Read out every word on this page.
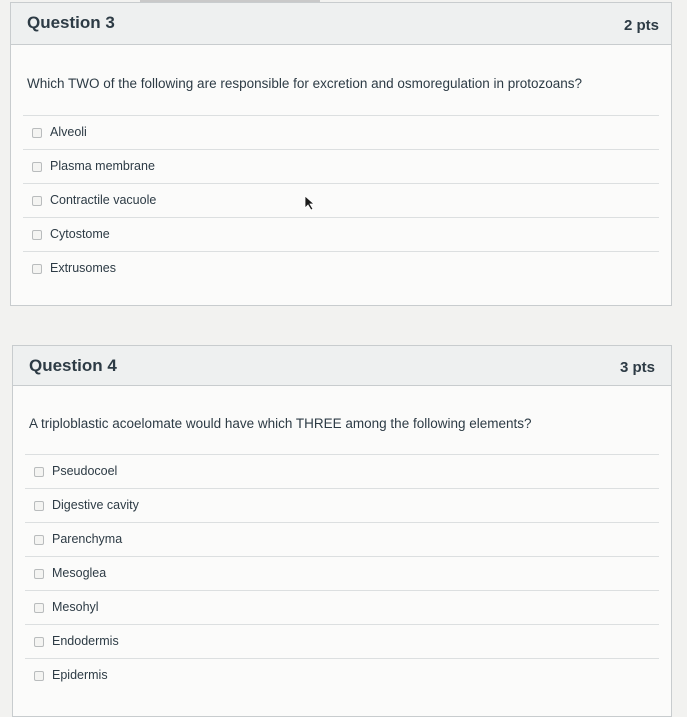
Question 3	2 pts
Which TWO of the following are responsible for excretion and osmoregulation in protozoans?
Alveoli
Plasma membrane
Contractile vacuole
Cytostome
Extrusomes
Question 4	3 pts
A triploblastic acoelomate would have which THREE among the following elements?
Pseudocoel
Digestive cavity
Parenchyma
Mesoglea
Mesohyl
Endodermis
Epidermis
